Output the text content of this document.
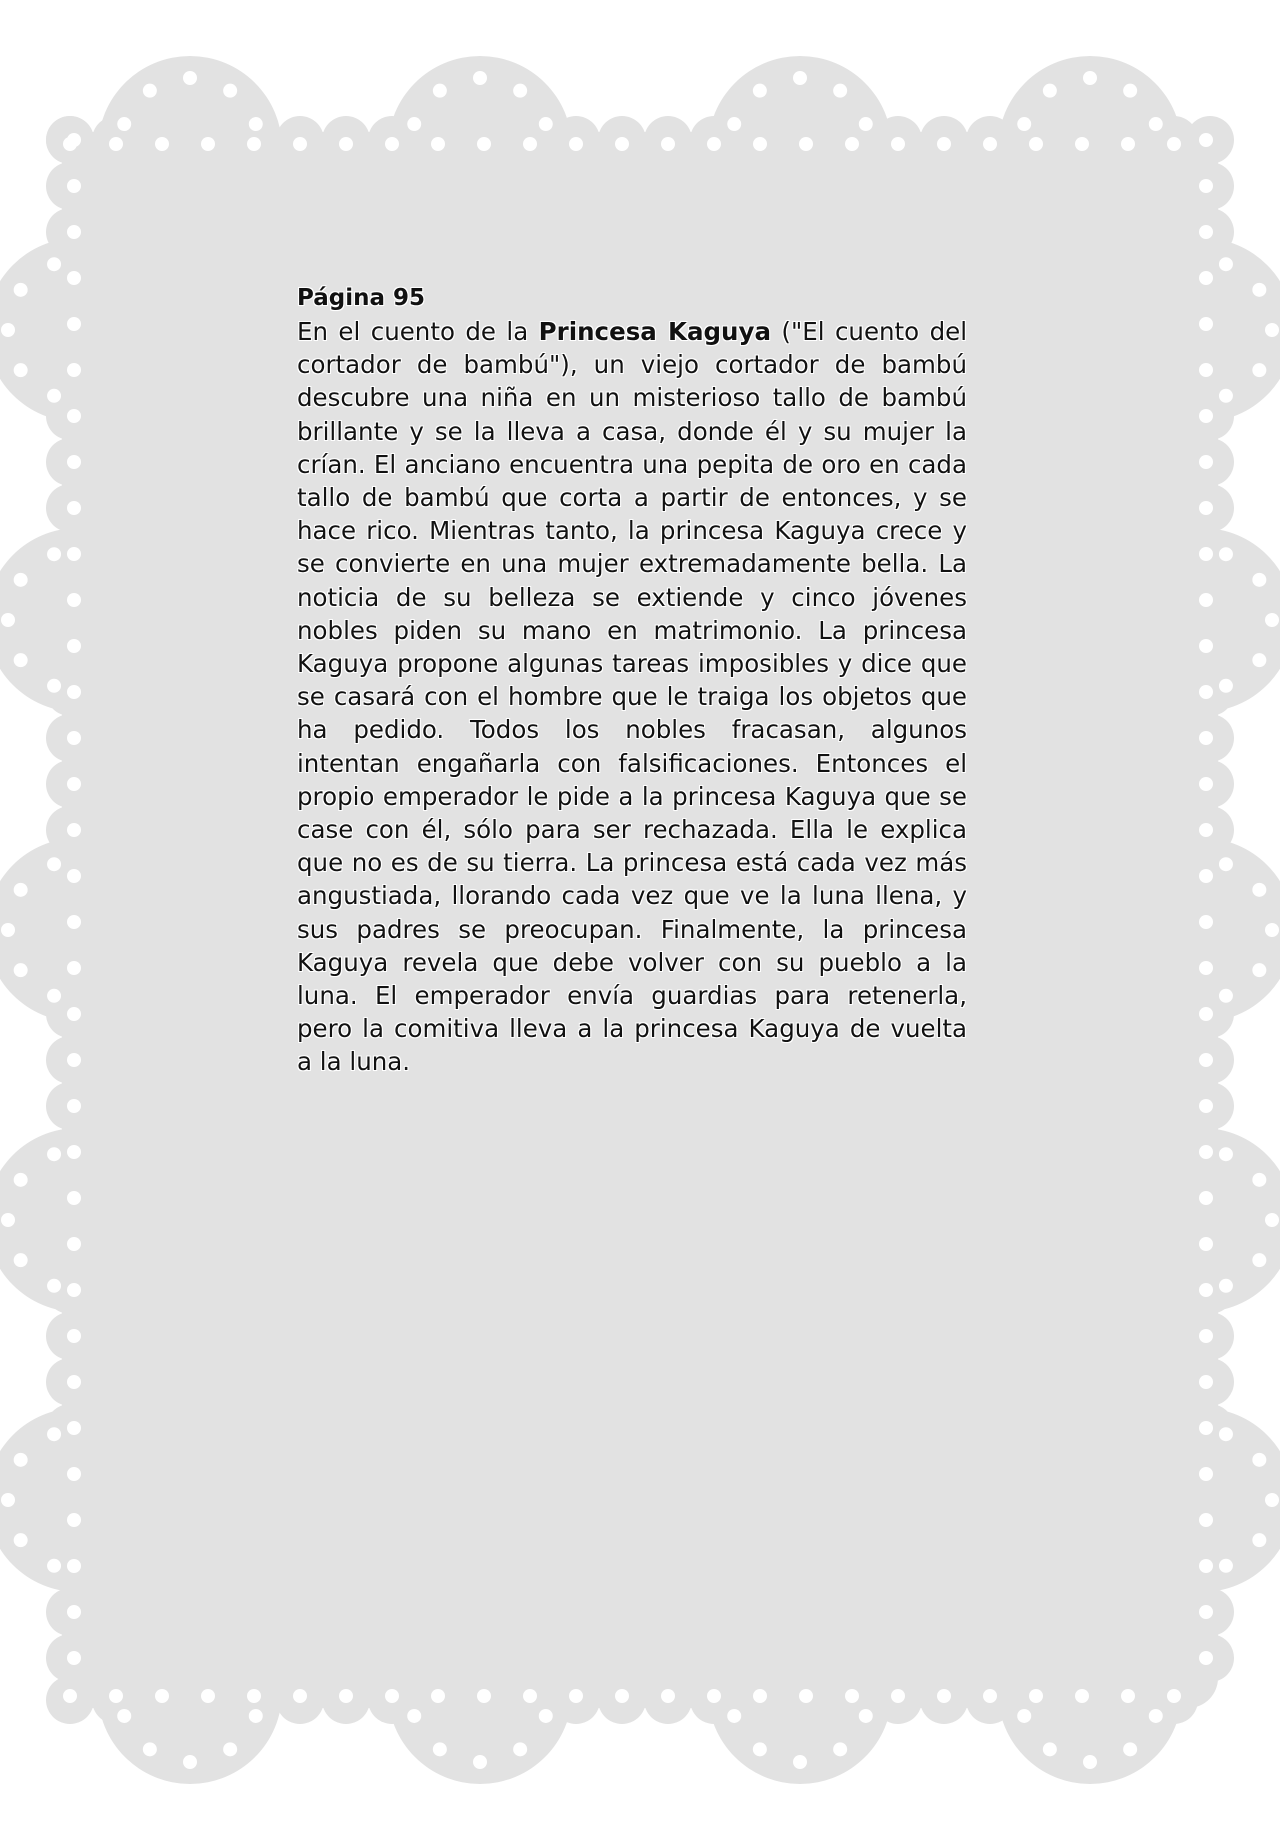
Página 95
En el cuento de la Princesa Kaguya ("El cuento del cortador de bambú"), un viejo cortador de bambú descubre una niña en un misterioso tallo de bambú brillante y se la lleva a casa, donde él y su mujer la crían. El anciano encuentra una pepita de oro en cada tallo de bambú que corta a partir de entonces, y se hace rico. Mientras tanto, la princesa Kaguya crece y se convierte en una mujer extremadamente bella. La noticia de su belleza se extiende y cinco jóvenes nobles piden su mano en matrimonio. La princesa Kaguya propone algunas tareas imposibles y dice que se casará con el hombre que le traiga los objetos que ha pedido. Todos los nobles fracasan, algunos intentan engañarla con falsificaciones. Entonces el propio emperador le pide a la princesa Kaguya que se case con él, sólo para ser rechazada. Ella le explica que no es de su tierra. La princesa está cada vez más angustiada, llorando cada vez que ve la luna llena, y sus padres se preocupan. Finalmente, la princesa Kaguya revela que debe volver con su pueblo a la luna. El emperador envía guardias para retenerla, pero la comitiva lleva a la princesa Kaguya de vuelta a la luna.
